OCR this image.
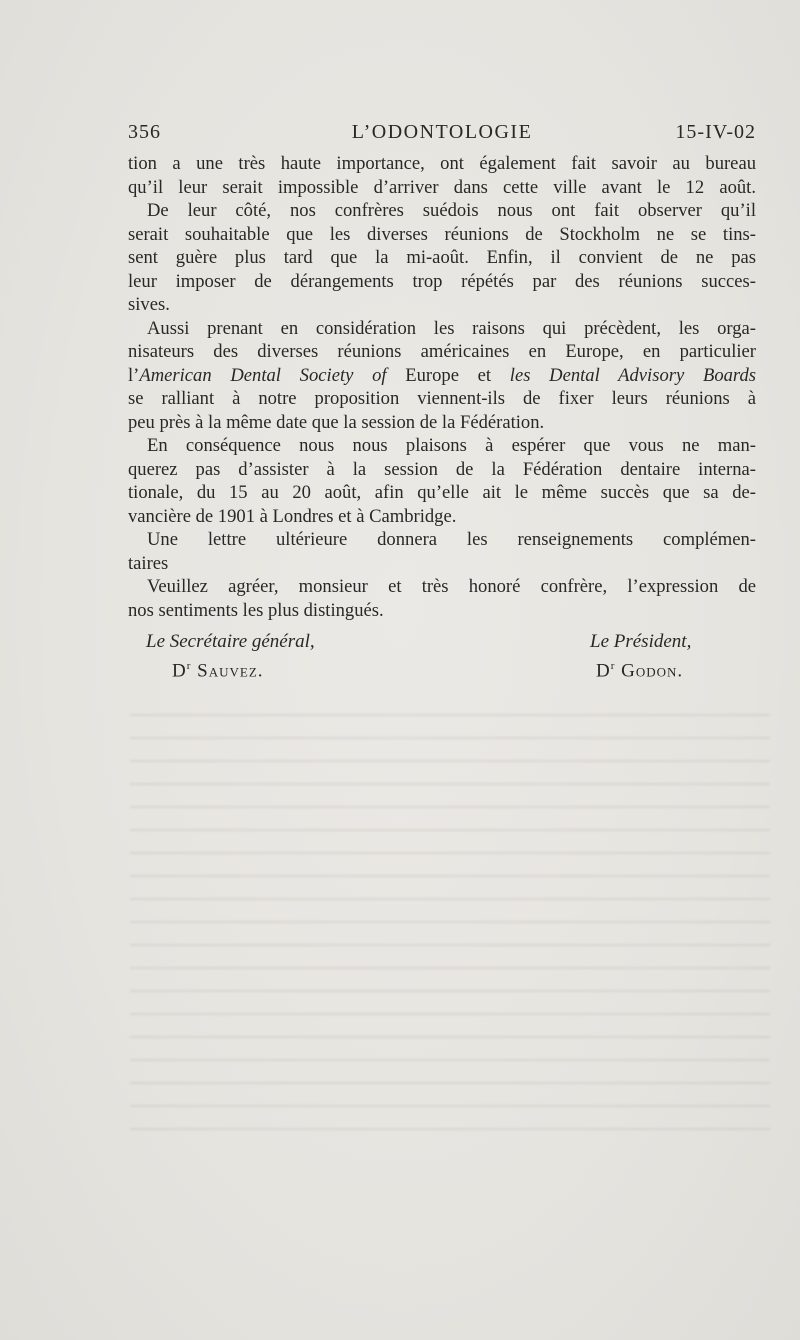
356	L’ODONTOLOGIE	15-IV-02
tion a une très haute importance, ont également fait savoir au bureau
qu’il leur serait impossible d’arriver dans cette ville avant le 12 août.
De leur côté, nos confrères suédois nous ont fait observer qu’il
serait souhaitable que les diverses réunions de Stockholm ne se tins-
sent guère plus tard que la mi-août. Enfin, il convient de ne pas
leur imposer de dérangements trop répétés par des réunions succes-
sives.
Aussi prenant en considération les raisons qui précèdent, les orga-
nisateurs des diverses réunions américaines en Europe, en particulier
l’American Dental Society of Europe et les Dental Advisory Boards
se ralliant à notre proposition viennent-ils de fixer leurs réunions à
peu près à la même date que la session de la Fédération.
En conséquence nous nous plaisons à espérer que vous ne man-
querez pas d’assister à la session de la Fédération dentaire interna-
tionale, du 15 au 20 août, afin qu’elle ait le même succès que sa de-
vancière de 1901 à Londres et à Cambridge.
Une lettre ultérieure donnera les renseignements complémen-
taires
Veuillez agréer, monsieur et très honoré confrère, l’expression de
nos sentiments les plus distingués.
Le Secrétaire général,
$D^r$ Sauvez.
Le Président,
$D^r$ Godon.
